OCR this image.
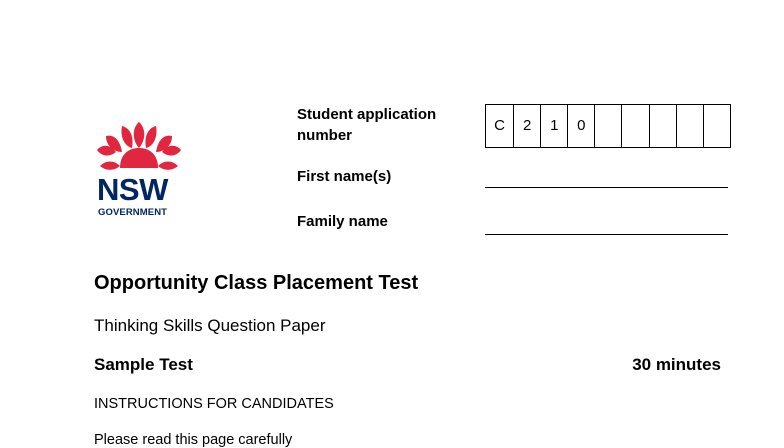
NSW
GOVERNMENT
Student application number
C	2	1	0
First name(s)
Family name
Opportunity Class Placement Test
Thinking Skills Question Paper
Sample Test	30 minutes
INSTRUCTIONS FOR CANDIDATES
Please read this page carefully
